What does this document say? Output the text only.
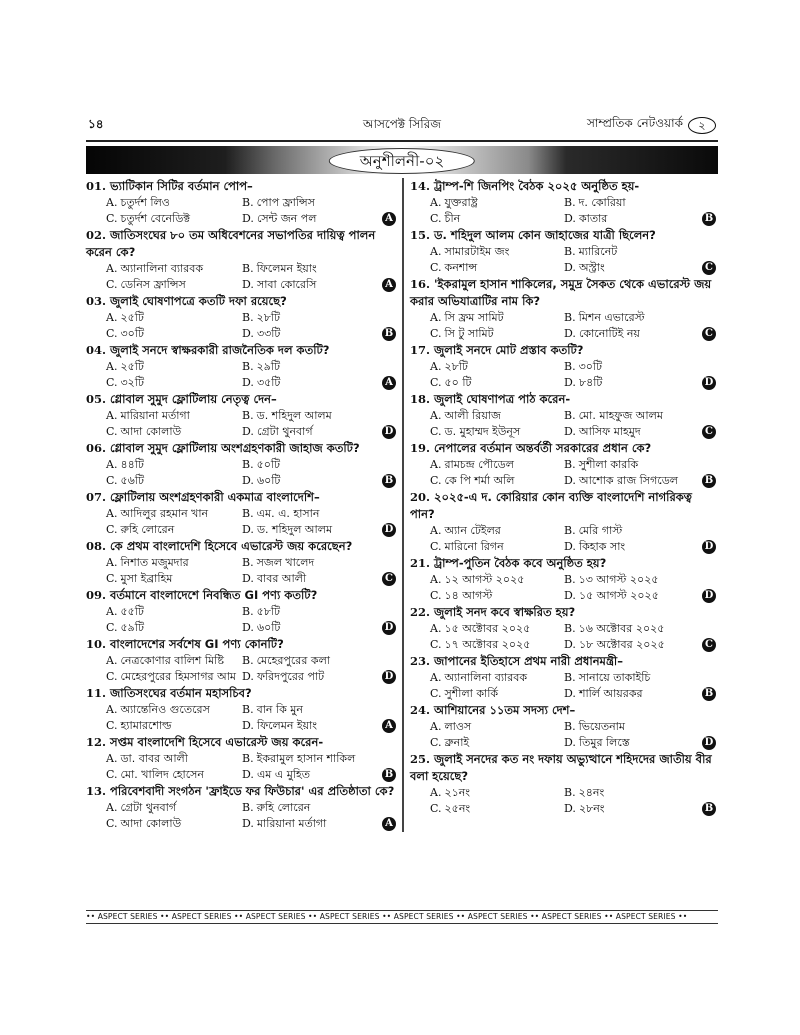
১৪	আসপেক্ট সিরিজ	সাম্প্রতিক নেটওয়ার্ক	২
অনুশীলনী-০২
01. ভ্যাটিকান সিটির বর্তমান পোপ–
A. চতুর্দশ লিও	B. পোপ ফ্রান্সিস
C. চতুর্দশ বেনেডিক্ট	D. সেন্ট জন পল	A
02. জাতিসংঘের ৮০ তম অধিবেশনের সভাপতির দায়িত্ব পালন করেন কে?
A. অ্যানালিনা ব্যারবক	B. ফিলেমন ইয়াং
C. ডেনিস ফ্রান্সিস	D. সাবা কোরেসি	A
03. জুলাই ঘোষণাপত্রে কতটি দফা রয়েছে?
A. ২৫টি	B. ২৮টি
C. ৩০টি	D. ৩৩টি	B
04. জুলাই সনদে স্বাক্ষরকারী রাজনৈতিক দল কতটি?
A. ২৫টি	B. ২৯টি
C. ৩২টি	D. ৩৫টি	A
05. গ্লোবাল সুমুদ ফ্লোটিলায় নেতৃত্ব দেন–
A. মারিয়ানা মর্তাগা	B. ড. শহিদুল আলম
C. আদা কোলাউ	D. গ্রেটা থুনবার্গ	D
06. গ্লোবাল সুমুদ ফ্লোটিলায় অংশগ্রহণকারী জাহাজ কতটি?
A. ৪৪টি	B. ৫০টি
C. ৫৬টি	D. ৬০টি	B
07. ফ্লোটিলায় অংশগ্রহণকারী একমাত্র বাংলাদেশি–
A. আদিলুর রহমান খান	B. এম. এ. হাসান
C. রুহি লোরেন	D. ড. শহিদুল আলম	D
08. কে প্রথম বাংলাদেশি হিসেবে এভারেস্ট জয় করেছেন?
A. নিশাত মজুমদার	B. সজল খালেদ
C. মুসা ইব্রাহিম	D. বাবর আলী	C
09. বর্তমানে বাংলাদেশে নিবন্ধিত GI পণ্য কতটি?
A. ৫৫টি	B. ৫৮টি
C. ৫৯টি	D. ৬০টি	D
10. বাংলাদেশের সর্বশেষ GI পণ্য কোনটি?
A. নেত্রকোণার বালিশ মিষ্টি	B. মেহেরপুরের কলা
C. মেহেরপুরের হিমসাগর আম D. ফরিদপুরের পাট	D
11. জাতিসংঘের বর্তমান মহাসচিব?
A. অ্যান্তেনিও গুতেরেস	B. বান কি মুন
C. হ্যামারশোল্ড	D. ফিলেমন ইয়াং	A
12. সপ্তম বাংলাদেশি হিসেবে এভারেস্ট জয় করেন-
A. ডা. বাবর আলী	B. ইকরামুল হাসান শাকিল
C. মো. খালিদ হোসেন	D. এম এ মুহিত	B
13. পরিবেশবাদী সংগঠন 'ফ্রাইডে ফর ফিউচার' এর প্রতিষ্ঠাতা কে?
A. গ্রেটা থুনবার্গ	B. রুহি লোরেন
C. আদা কোলাউ	D. মারিয়ানা মর্তাগা	A
14. ট্রাম্প-শি জিনপিং বৈঠক ২০২৫ অনুষ্ঠিত হয়-
A. যুক্তরাষ্ট্র	B. দ. কোরিয়া
C. চীন	D. কাতার	B
15. ড. শহিদুল আলম কোন জাহাজের যাত্রী ছিলেন?
A. সামারটাইম জং	B. ম্যারিনেট
C. কনশান্স	D. অস্ট্রাং	C
16. 'ইকরামুল হাসান শাকিলের, সমুদ্র সৈকত থেকে এভারেস্ট জয় করার অভিযাত্রাটির নাম কি?
A. সি ফ্রম সামিট	B. মিশন এভারেস্ট
C. সি টু সামিট	D. কোনোটিই নয়	C
17. জুলাই সনদে মোট প্রস্তাব কতটি?
A. ২৮টি	B. ৩০টি
C. ৫০ টি	D. ৮৪টি	D
18. জুলাই ঘোষণাপত্র পাঠ করেন-
A. আলী রিয়াজ	B. মো. মাহফুজ আলম
C. ড. মুহাম্মদ ইউনূস	D. আসিফ মাহমুদ	C
19. নেপালের বর্তমান অন্তর্বর্তী সরকারের প্রধান কে?
A. রামচন্দ্র পৌডেল	B. সুশীলা কারকি
C. কে পি শর্মা অলি	D. আশোক রাজ সিগডেল	B
20. ২০২৫-এ দ. কোরিয়ার কোন ব্যক্তি বাংলাদেশি নাগরিকত্ব পান?
A. অ্যান টেইলর	B. মেরি গাস্ট
C. মারিনো রিগন	D. কিহাক সাং	D
21. ট্রাম্প-পুতিন বৈঠক কবে অনুষ্ঠিত হয়?
A. ১২ আগস্ট ২০২৫	B. ১৩ আগস্ট ২০২৫
C. ১৪ আগস্ট	D. ১৫ আগস্ট ২০২৫	D
22. জুলাই সনদ কবে স্বাক্ষরিত হয়?
A. ১৫ অক্টোবর ২০২৫	B. ১৬ অক্টোবর ২০২৫
C. ১৭ অক্টোবর ২০২৫	D. ১৮ অক্টোবর ২০২৫	C
23. জাপানের ইতিহাসে প্রথম নারী প্রধানমন্ত্রী–
A. অ্যানালিনা ব্যারবক	B. সানায়ে তাকাইচি
C. সুশীলা কার্কি	D. শার্লি আয়রকর	B
24. আশিয়ানের ১১তম সদস্য দেশ–
A. লাওস	B. ভিয়েতনাম
C. ব্রুনাই	D. তিমুর লিস্তে	D
25. জুলাই সনদের কত নং দফায় অভ্যুত্থানে শহিদদের জাতীয় বীর বলা হয়েছে?
A. ২১নং	B. ২৪নং
C. ২৫নং	D. ২৮নং	B
•• ASPECT SERIES •• ASPECT SERIES •• ASPECT SERIES •• ASPECT SERIES •• ASPECT SERIES •• ASPECT SERIES •• ASPECT SERIES •• ASPECT SERIES ••
